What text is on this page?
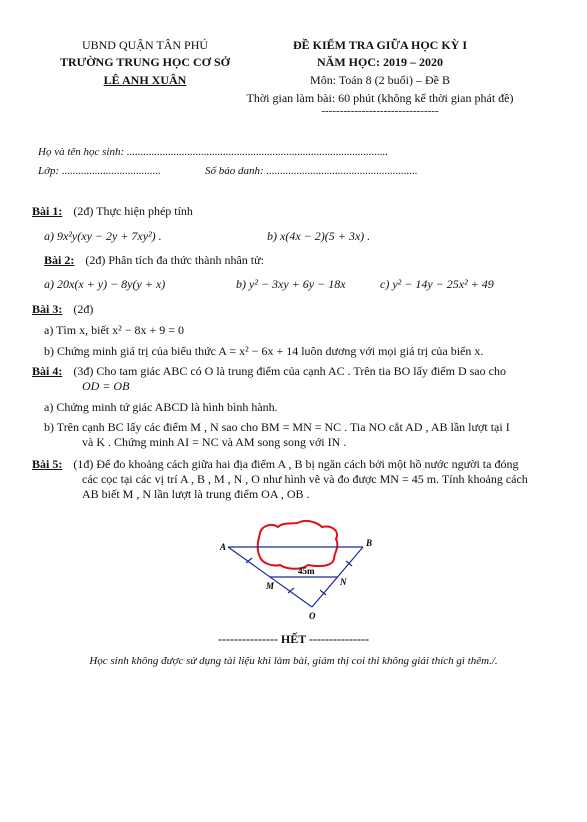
UBND QUẬN TÂN PHÚ
TRƯỜNG TRUNG HỌC CƠ SỞ
LÊ ANH XUÂN
ĐỀ KIỂM TRA GIỮA HỌC KỲ I
NĂM HỌC: 2019 – 2020
Môn: Toán 8 (2 buổi) – Đề B
Thời gian làm bài: 60 phút (không kể thời gian phát đề)
--------------------------------
Họ và tên học sinh: ...............................................................................................
Lớp: ....................................	Số báo danh: .......................................................
Bài 1: (2đ) Thực hiện phép tính
a) 9x²y(xy − 2y + 7xy²) .	b) x(4x − 2)(5 + 3x) .
Bài 2: (2đ) Phân tích đa thức thành nhân tử:
a) 20x(x + y) − 8y(y + x)	b) y² − 3xy + 6y − 18x	c) y² − 14y − 25x² + 49
Bài 3: (2đ)
a) Tìm x, biết x² − 8x + 9 = 0
b) Chứng minh giá trị của biểu thức A = x² − 6x + 14 luôn dương với mọi giá trị của biến x.
Bài 4: (3đ) Cho tam giác ABC có O là trung điểm của cạnh AC . Trên tia BO lấy điểm D sao cho
OD = OB
a) Chứng minh tứ giác ABCD là hình bình hành.
b) Trên cạnh BC lấy các điểm M , N sao cho BM = MN = NC . Tia NO cắt AD , AB lần lượt tại I
và K . Chứng minh AI = NC và AM song song với IN .
Bài 5: (1đ) Để đo khoảng cách giữa hai địa điểm A , B bị ngăn cách bởi một hồ nước người ta đóng
các cọc tại các vị trí A , B , M , N , O như hình vẽ và đo được MN = 45 m. Tính khoảng cách
AB biết M , N lần lượt là trung điểm OA , OB .
A	B
M	N
O
45m
--------------- HẾT ---------------
Học sinh không được sử dụng tài liệu khi làm bài, giám thị coi thi không giải thích gì thêm./.
